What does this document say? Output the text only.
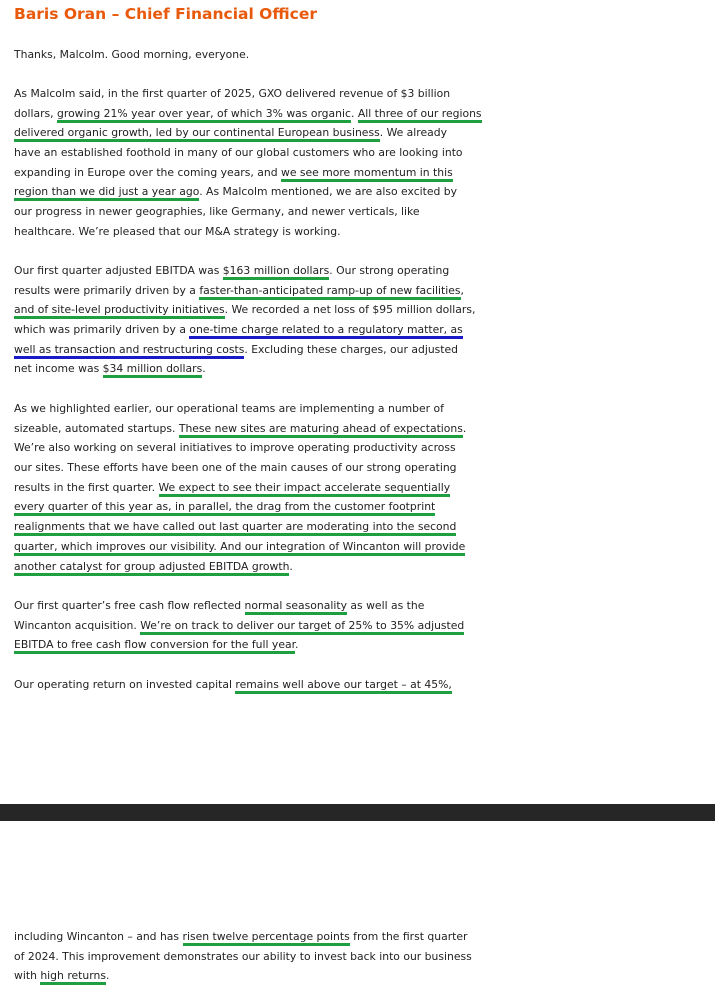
Baris Oran – Chief Financial Officer
Thanks, Malcolm. Good morning, everyone.
As Malcolm said, in the first quarter of 2025, GXO delivered revenue of $3 billion
dollars, growing 21% year over year, of which 3% was organic. All three of our regions
delivered organic growth, led by our continental European business. We already
have an established foothold in many of our global customers who are looking into
expanding in Europe over the coming years, and we see more momentum in this
region than we did just a year ago. As Malcolm mentioned, we are also excited by
our progress in newer geographies, like Germany, and newer verticals, like
healthcare. We’re pleased that our M&A strategy is working.
Our first quarter adjusted EBITDA was $163 million dollars. Our strong operating
results were primarily driven by a faster-than-anticipated ramp-up of new facilities,
and of site-level productivity initiatives. We recorded a net loss of $95 million dollars,
which was primarily driven by a one-time charge related to a regulatory matter, as
well as transaction and restructuring costs. Excluding these charges, our adjusted
net income was $34 million dollars.
As we highlighted earlier, our operational teams are implementing a number of
sizeable, automated startups. These new sites are maturing ahead of expectations.
We’re also working on several initiatives to improve operating productivity across
our sites. These efforts have been one of the main causes of our strong operating
results in the first quarter. We expect to see their impact accelerate sequentially
every quarter of this year as, in parallel, the drag from the customer footprint
realignments that we have called out last quarter are moderating into the second
quarter, which improves our visibility. And our integration of Wincanton will provide
another catalyst for group adjusted EBITDA growth.
Our first quarter’s free cash flow reflected normal seasonality as well as the
Wincanton acquisition. We’re on track to deliver our target of 25% to 35% adjusted
EBITDA to free cash flow conversion for the full year.
Our operating return on invested capital remains well above our target – at 45%,
including Wincanton – and has risen twelve percentage points from the first quarter
of 2024. This improvement demonstrates our ability to invest back into our business
with high returns.
